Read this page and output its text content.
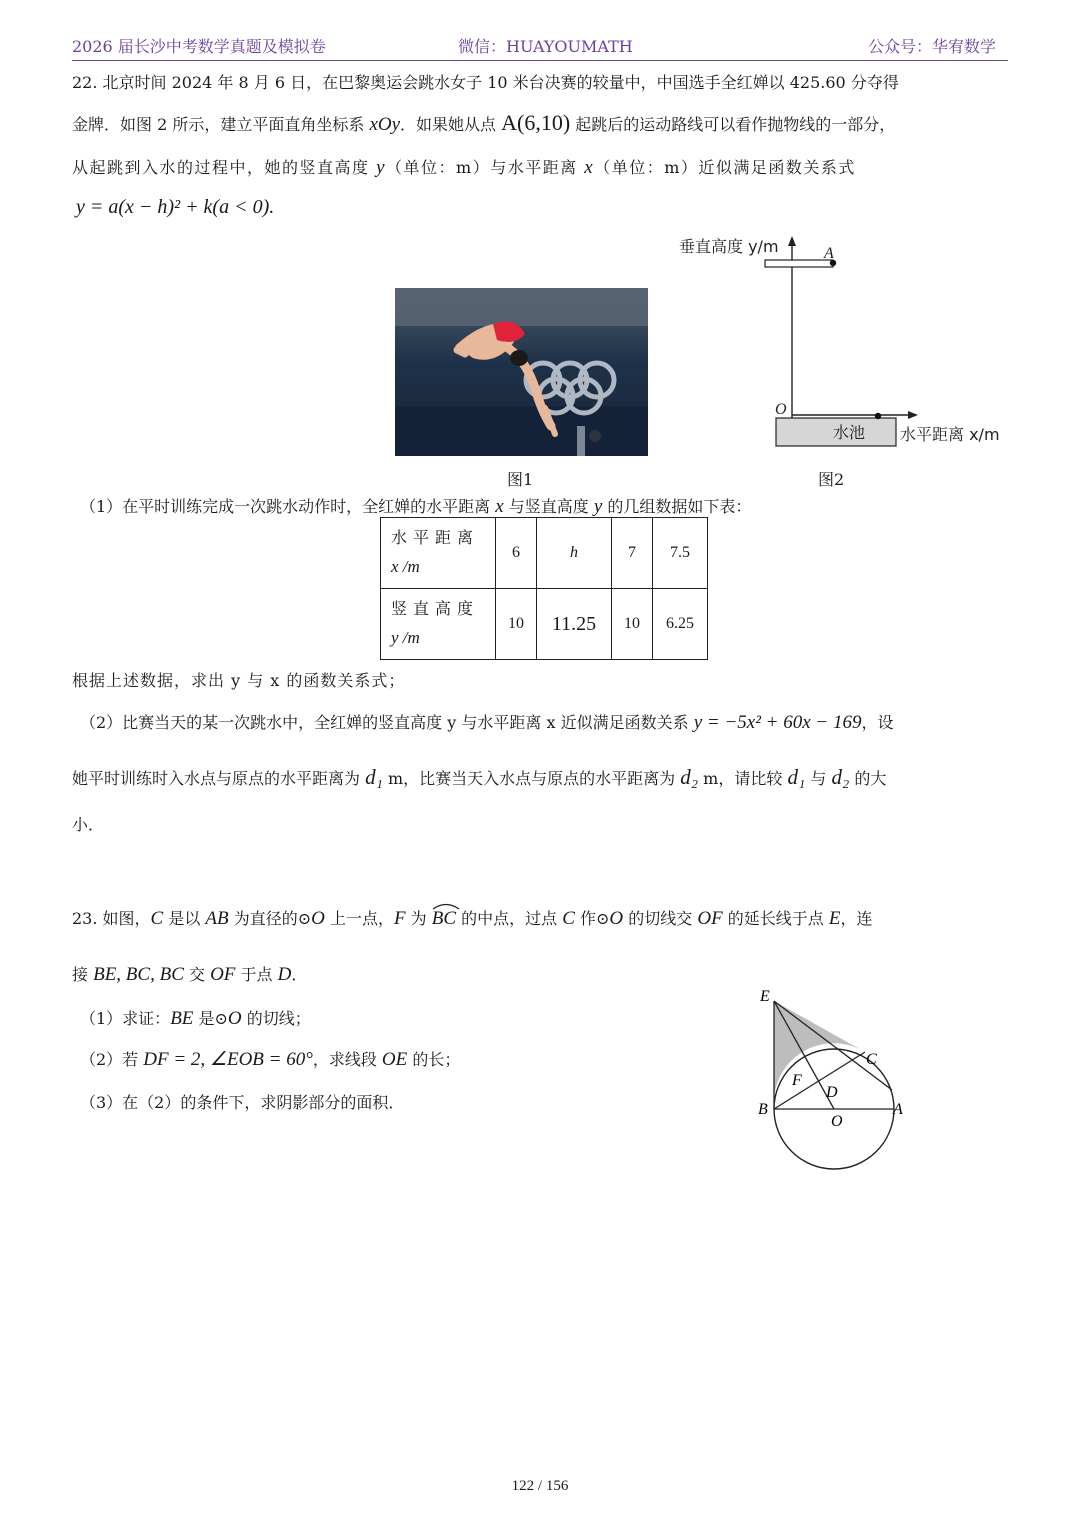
2026 届长沙中考数学真题及模拟卷	微信：HUAYOUMATH	公众号：华宥数学
22. 北京时间 2024 年 8 月 6 日，在巴黎奥运会跳水女子 10 米台决赛的较量中，中国选手全红婵以 425.60 分夺得
金牌．如图 2 所示，建立平面直角坐标系 xOy．如果她从点 A(6,10) 起跳后的运动路线可以看作抛物线的一部分，
从起跳到入水的过程中，她的竖直高度 y（单位：m）与水平距离 x（单位：m）近似满足函数关系式
y = a(x − h)² + k(a < 0).
图1
垂直高度 y/m	A
O
水池 水平距离 x/m
图2
（1）在平时训练完成一次跳水动作时，全红婵的水平距离 x 与竖直高度 y 的几组数据如下表：
水平距离
x /m	6	h	7	7.5

竖直高度
y /m	10	11.25	10	6.25
根据上述数据，求出 y 与 x 的函数关系式；
（2）比赛当天的某一次跳水中，全红婵的竖直高度 y 与水平距离 x 近似满足函数关系 y = −5x² + 60x − 169，设
她平时训练时入水点与原点的水平距离为 d₁ m，比赛当天入水点与原点的水平距离为 d₂ m，请比较 d₁ 与 d₂ 的大
小．
23. 如图，C 是以 AB 为直径的⊙O 上一点，F 为
BC 的中点，过点 C 作⊙O 的切线交 OF 的延长线于点 E，连
接 BE, BC, BC 交 OF 于点 D．
（1）求证：BE 是⊙O 的切线；
（2）若 DF = 2, ∠EOB = 60°，求线段 OE 的长；
（3）在（2）的条件下，求阴影部分的面积．
E
C
F
D
B
O
A
122 / 156
